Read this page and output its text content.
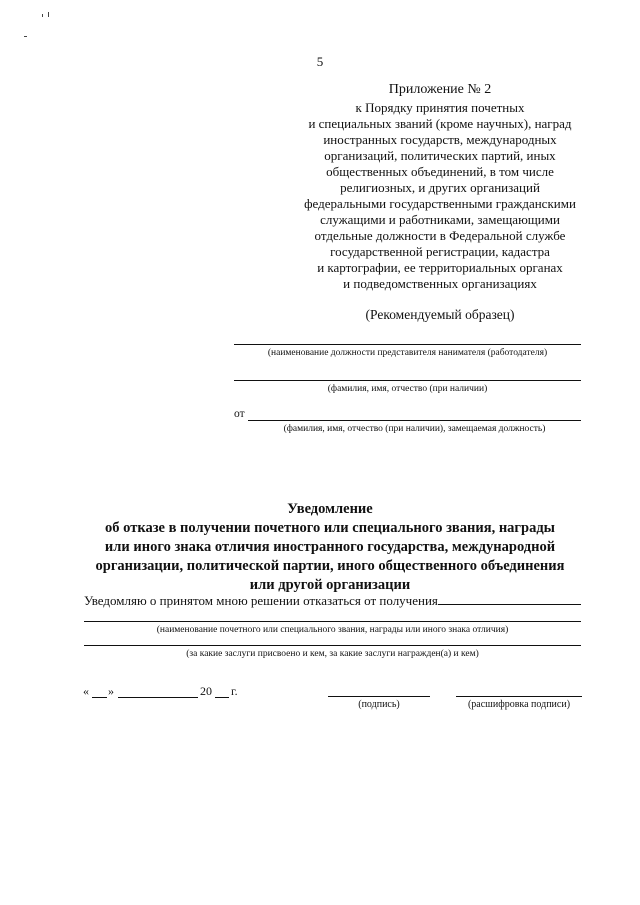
5
Приложение № 2
к Порядку принятия почетных
и специальных званий (кроме научных), наград
иностранных государств, международных
организаций, политических партий, иных
общественных объединений, в том числе
религиозных, и других организаций
федеральными государственными гражданскими
служащими и работниками, замещающими
отдельные должности в Федеральной службе
государственной регистрации, кадастра
и картографии, ее территориальных органах
и подведомственных организациях
(Рекомендуемый образец)
(наименование должности представителя нанимателя (работодателя)
(фамилия, имя, отчество (при наличии)
от
(фамилия, имя, отчество (при наличии), замещаемая должность)
Уведомление
об отказе в получении почетного или специального звания, награды
или иного знака отличия иностранного государства, международной
организации, политической партии, иного общественного объединения
или другой организации
Уведомляю о принятом мною решении отказаться от получения
(наименование почетного или специального звания, награды или иного знака отличия)
(за какие заслуги присвоено и кем, за какие заслуги награжден(а) и кем)
« »	20 г.
(подпись)	(расшифровка подписи)
